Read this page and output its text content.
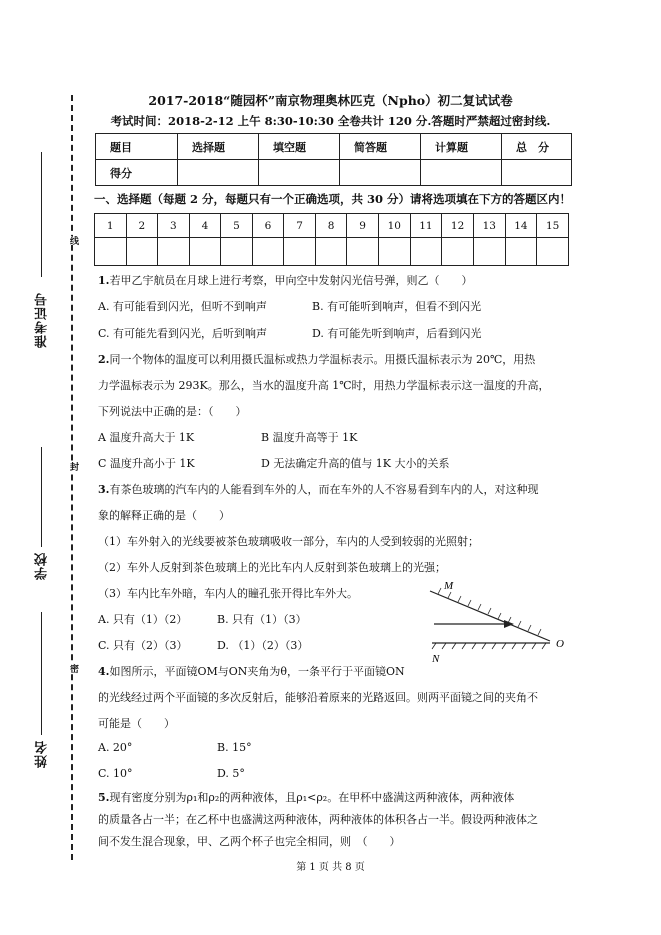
线
封
密
准考证号
学校
姓名
2017-2018“随园杯”南京物理奥林匹克（Npho）初二复试试卷
考试时间：2018-2-12 上午 8:30-10:30 全卷共计 120 分.答题时严禁超过密封线.
题目	选择题	填空题	简答题	计算题	总　分
得分					
一、选择题（每题 2 分，每题只有一个正确选项，共 30 分）请将选项填在下方的答题区内！
1	2	3	4	5	6	7	8	9	10	11	12	13	14	15

1.若甲乙宇航员在月球上进行考察，甲向空中发射闪光信号弹，则乙（　　）
A. 有可能看到闪光，但听不到响声	B. 有可能听到响声，但看不到闪光
C. 有可能先看到闪光，后听到响声	D. 有可能先听到响声，后看到闪光
2.同一个物体的温度可以利用摄氏温标或热力学温标表示。用摄氏温标表示为 20℃，用热
力学温标表示为 293K。那么，当水的温度升高 1℃时，用热力学温标表示这一温度的升高，
下列说法中正确的是：（　　）
A 温度升高大于 1K	B 温度升高等于 1K
C 温度升高小于 1K	D 无法确定升高的值与 1K 大小的关系
3.有茶色玻璃的汽车内的人能看到车外的人，而在车外的人不容易看到车内的人，对这种现
象的解释正确的是（　　）
（1）车外射入的光线要被茶色玻璃吸收一部分，车内的人受到较弱的光照射；
（2）车外人反射到茶色玻璃上的光比车内人反射到茶色玻璃上的光强；
（3）车内比车外暗，车内人的瞳孔张开得比车外大。
A. 只有（1）（2）	B. 只有（1）（3）
C. 只有（2）（3）	D. （1）（2）（3）
M
N
O
4.如图所示，平面镜OM与ON夹角为θ，一条平行于平面镜ON
的光线经过两个平面镜的多次反射后，能够沿着原来的光路返回。则两平面镜之间的夹角不
可能是（　　）
A. 20°	B. 15°
C. 10°	D. 5°
5.现有密度分别为ρ₁和ρ₂的两种液体，且ρ₁<ρ₂。在甲杯中盛满这两种液体，两种液体
的质量各占一半；在乙杯中也盛满这两种液体，两种液体的体积各占一半。假设两种液体之
间不发生混合现象，甲、乙两个杯子也完全相同，则　（　　）
第 1 页 共 8 页
